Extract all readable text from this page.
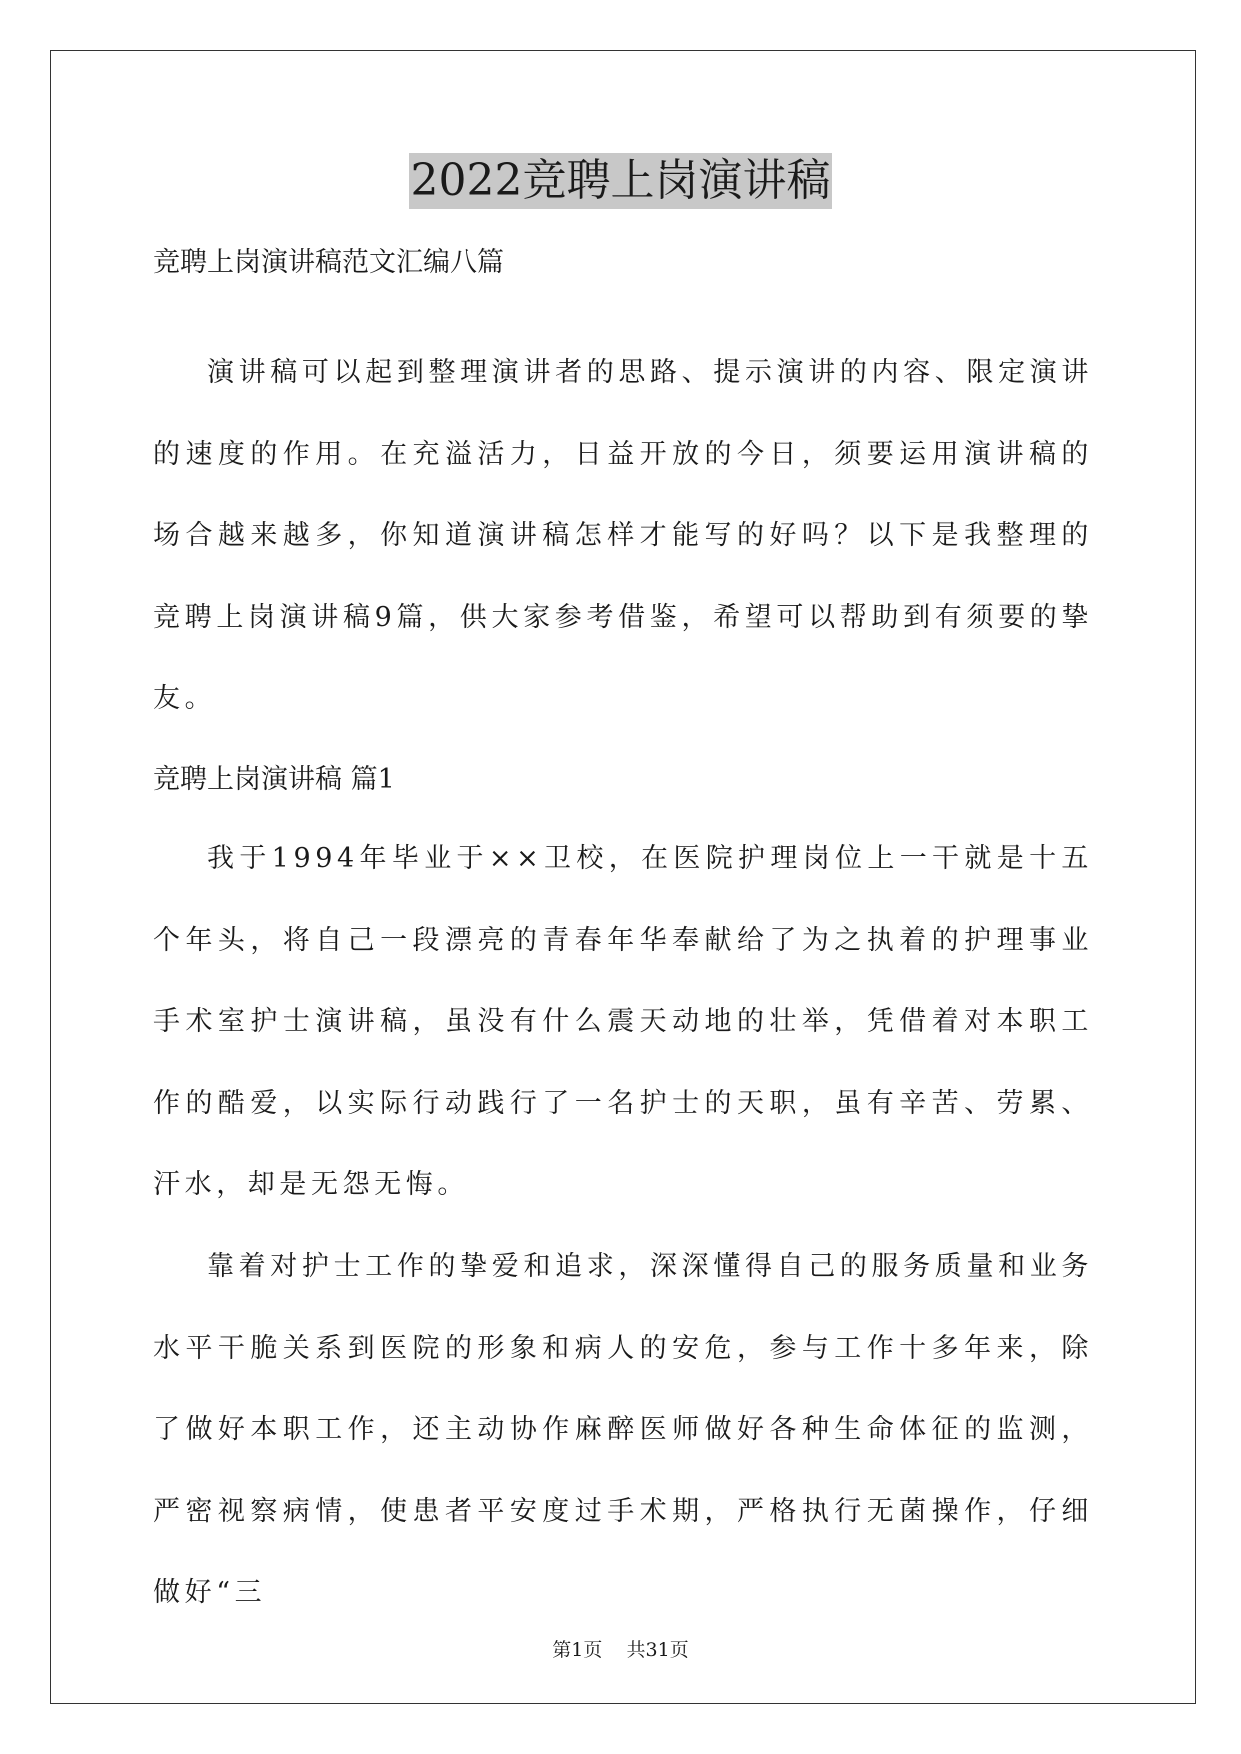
2022竞聘上岗演讲稿
竞聘上岗演讲稿范文汇编八篇

演讲稿可以起到整理演讲者的思路、提示演讲的内容、限定演讲的速度的作用。在充溢活力，日益开放的今日，须要运用演讲稿的场合越来越多，你知道演讲稿怎样才能写的好吗？以下是我整理的竞聘上岗演讲稿9篇，供大家参考借鉴，希望可以帮助到有须要的挚友。

竞聘上岗演讲稿 篇1

我于1994年毕业于××卫校，在医院护理岗位上一干就是十五个年头，将自己一段漂亮的青春年华奉献给了为之执着的护理事业手术室护士演讲稿，虽没有什么震天动地的壮举，凭借着对本职工作的酷爱，以实际行动践行了一名护士的天职，虽有辛苦、劳累、汗水，却是无怨无悔。

靠着对护士工作的挚爱和追求，深深懂得自己的服务质量和业务水平干脆关系到医院的形象和病人的安危，参与工作十多年来，除了做好本职工作，还主动协作麻醉医师做好各种生命体征的监测，严密视察病情，使患者平安度过手术期，严格执行无菌操作，仔细做好“三

第1页 共31页
